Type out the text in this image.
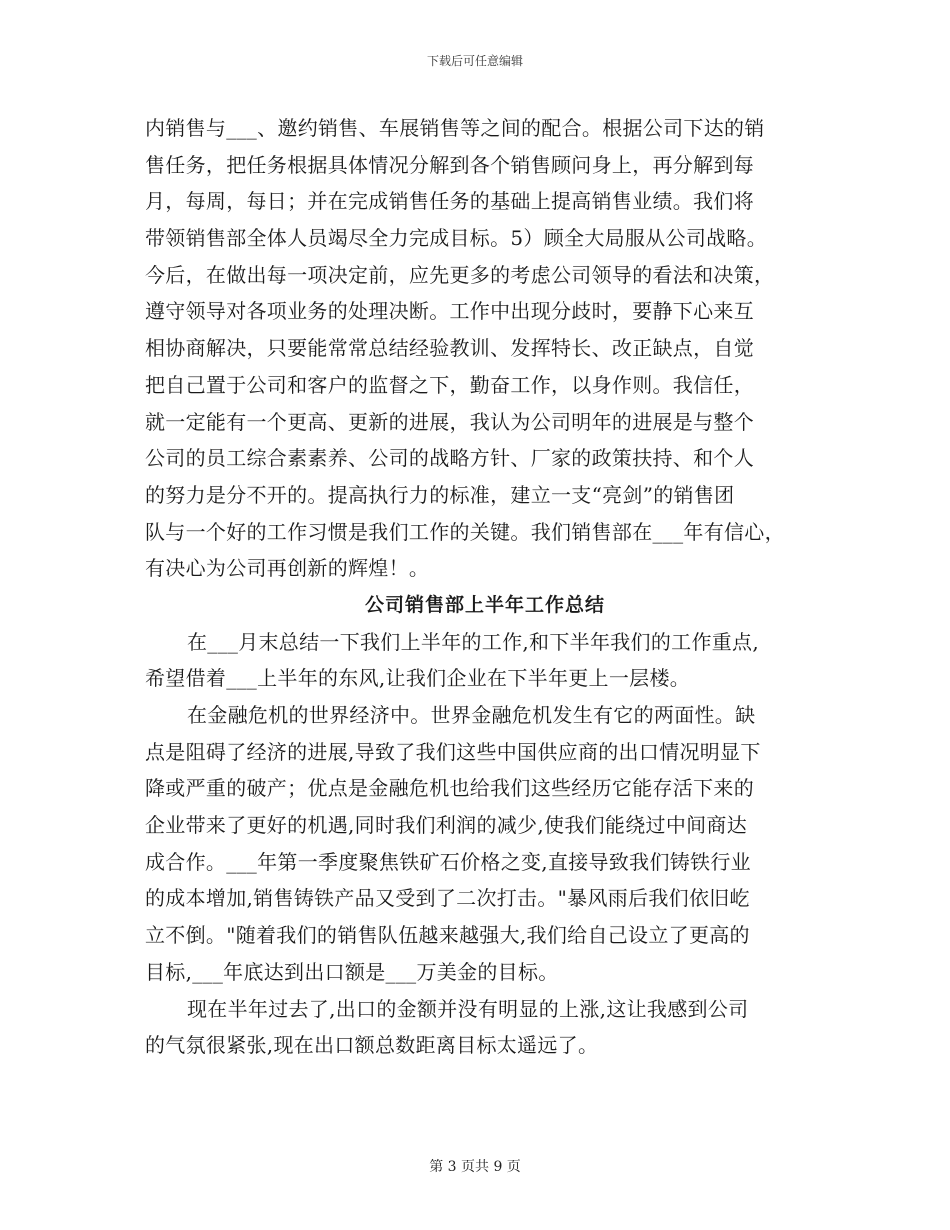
下载后可任意编辑
内销售与___、邀约销售、车展销售等之间的配合。根据公司下达的销
售任务，把任务根据具体情况分解到各个销售顾问身上，再分解到每
月，每周，每日；并在完成销售任务的基础上提高销售业绩。我们将
带领销售部全体人员竭尽全力完成目标。5）顾全大局服从公司战略。
今后，在做出每一项决定前，应先更多的考虑公司领导的看法和决策，
遵守领导对各项业务的处理决断。工作中出现分歧时，要静下心来互
相协商解决，只要能常常总结经验教训、发挥特长、改正缺点，自觉
把自己置于公司和客户的监督之下，勤奋工作，以身作则。我信任，
就一定能有一个更高、更新的进展，我认为公司明年的进展是与整个
公司的员工综合素素养、公司的战略方针、厂家的政策扶持、和个人
的努力是分不开的。提高执行力的标准，建立一支“亮剑”的销售团
队与一个好的工作习惯是我们工作的关键。我们销售部在___年有信心，
有决心为公司再创新的辉煌！。
公司销售部上半年工作总结
在___月末总结一下我们上半年的工作,和下半年我们的工作重点,
希望借着___上半年的东风,让我们企业在下半年更上一层楼。
在金融危机的世界经济中。世界金融危机发生有它的两面性。缺
点是阻碍了经济的进展,导致了我们这些中国供应商的出口情况明显下
降或严重的破产；优点是金融危机也给我们这些经历它能存活下来的
企业带来了更好的机遇,同时我们利润的减少,使我们能绕过中间商达
成合作。___年第一季度聚焦铁矿石价格之变,直接导致我们铸铁行业
的成本增加,销售铸铁产品又受到了二次打击。"暴风雨后我们依旧屹
立不倒。"随着我们的销售队伍越来越强大,我们给自己设立了更高的
目标,___年底达到出口额是___万美金的目标。
现在半年过去了,出口的金额并没有明显的上涨,这让我感到公司
的气氛很紧张,现在出口额总数距离目标太遥远了。
第 3 页共 9 页
